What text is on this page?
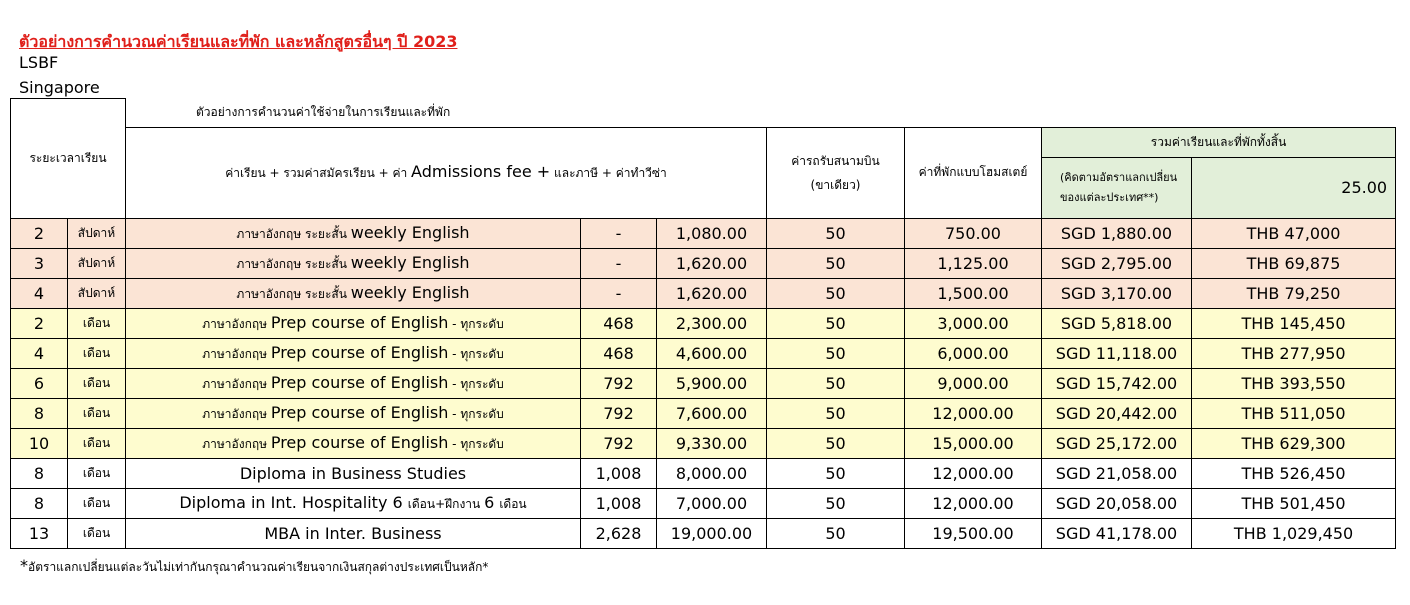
ตัวอย่างการคำนวณค่าเรียนและที่พัก และหลักสูตรอื่นๆ ปี 2023
LSBF
Singapore
ระยะเวลาเรียน		ตัวอย่างการคำนวนค่าใช้จ่ายในการเรียนและที่พัก						
		ค่าเรียน + รวมค่าสมัครเรียน + ค่า Admissions fee + และภาษี + ค่าทำวีซ่า			ค่ารถรับสนามบิน
(ขาเดียว)	ค่าที่พักแบบโฮมสเตย์	รวมค่าเรียนและที่พักทั้งสิ้น	

							(คิดตามอัตราแลกเปลี่ยน
ของแต่ละประเทศ**)	25.00
2	สัปดาห์	ภาษาอังกฤษ ระยะสั้น weekly English	-	1,080.00	50	750.00	SGD 1,880.00	THB 47,000
3	สัปดาห์	ภาษาอังกฤษ ระยะสั้น weekly English	-	1,620.00	50	1,125.00	SGD 2,795.00	THB 69,875
4	สัปดาห์	ภาษาอังกฤษ ระยะสั้น weekly English	-	1,620.00	50	1,500.00	SGD 3,170.00	THB 79,250
2	เดือน	ภาษาอังกฤษ Prep course of English - ทุกระดับ	468	2,300.00	50	3,000.00	SGD 5,818.00	THB 145,450
4	เดือน	ภาษาอังกฤษ Prep course of English - ทุกระดับ	468	4,600.00	50	6,000.00	SGD 11,118.00	THB 277,950
6	เดือน	ภาษาอังกฤษ Prep course of English - ทุกระดับ	792	5,900.00	50	9,000.00	SGD 15,742.00	THB 393,550
8	เดือน	ภาษาอังกฤษ Prep course of English - ทุกระดับ	792	7,600.00	50	12,000.00	SGD 20,442.00	THB 511,050
10	เดือน	ภาษาอังกฤษ Prep course of English - ทุกระดับ	792	9,330.00	50	15,000.00	SGD 25,172.00	THB 629,300
8	เดือน	Diploma in Business Studies	1,008	8,000.00	50	12,000.00	SGD 21,058.00	THB 526,450
8	เดือน	Diploma in Int. Hospitality 6 เดือน+ฝึกงาน 6 เดือน	1,008	7,000.00	50	12,000.00	SGD 20,058.00	THB 501,450
13	เดือน	MBA in Inter. Business	2,628	19,000.00	50	19,500.00	SGD 41,178.00	THB 1,029,450
*อัตราแลกเปลี่ยนแต่ละวันไม่เท่ากันกรุณาคำนวณค่าเรียนจากเงินสกุลต่างประเทศเป็นหลัก*
